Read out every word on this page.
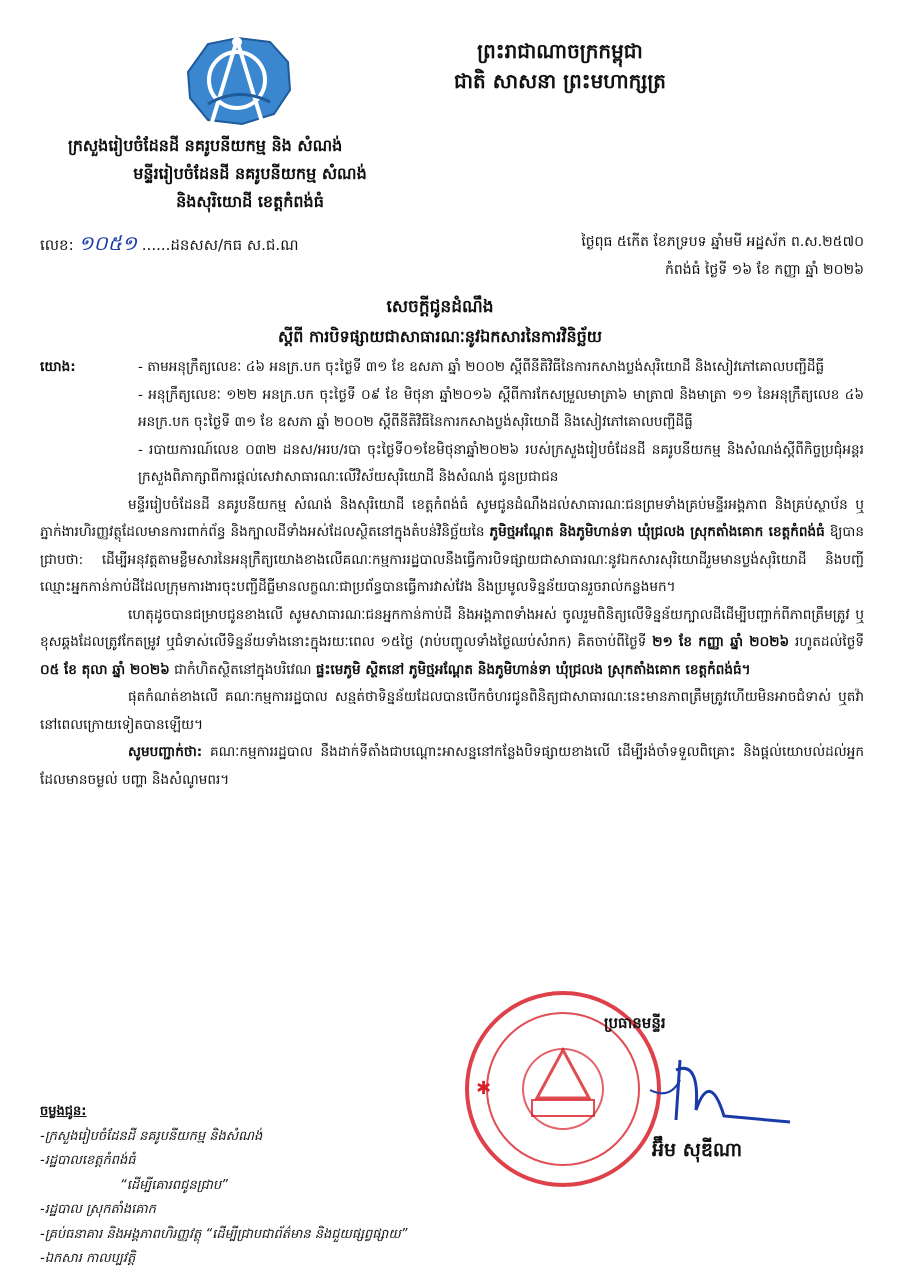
ព្រះរាជាណាចក្រកម្ពុជា
ជាតិ សាសនា ព្រះមហាក្សត្រ
ក្រសួងរៀបចំដែនដី នគរូបនីយកម្ម និង សំណង់
មន្ទីររៀបចំដែនដី នគរូបនីយកម្ម សំណង់
និងសុរិយោដី ខេត្តកំពង់ធំ
លេខ: ១០៥១ ......ដនសស/កធ ស.ជ.ណ	ថ្ងៃពុធ ៥កើត ខែភទ្របទ ឆ្នាំមមី អដ្ឋស័ក ព.ស.២៥៧០
កំពង់ធំ ថ្ងៃទី ១៦ ខែ កញ្ញា ឆ្នាំ ២០២៦
សេចក្តីជូនដំណឹង
ស្តីពី ការបិទផ្សាយជាសាធារណៈនូវឯកសារនៃការវិនិច្ឆ័យ
យោង:	- តាមអនុក្រឹត្យលេខៈ ៤៦ អនក្រ.បក ចុះថ្ងៃទី ៣១ ខែ ឧសភា ឆ្នាំ ២០០២ ស្តីពីនីតិវិធីនៃការកសាងប្លង់សុរិយោដី និងសៀវភៅគោលបញ្ជីដីធ្លី
- អនុក្រឹត្យលេខៈ ១២២ អនក្រ.បក ចុះថ្ងៃទី ០៩ ខែ មិថុនា ឆ្នាំ២០១៦ ស្តីពីការកែសម្រួលមាត្រា៦ មាត្រា៧ និងមាត្រា ១១ នៃអនុក្រឹត្យលេខ ៤៦ អនក្រ.បក ចុះថ្ងៃទី ៣១ ខែ ឧសភា ឆ្នាំ ២០០២ ស្តីពីនីតិវិធីនៃការកសាងប្លង់សុរិយោដី និងសៀវភៅគោលបញ្ជីដីធ្លី
- របាយការណ៍លេខ ០៣២ ដនស/អរប/របា ចុះថ្ងៃទី០១ខែមិថុនាឆ្នាំ២០២៦ របស់ក្រសួងរៀបចំដែនដី នគរូបនីយកម្ម និងសំណង់ស្តីពីកិច្ចប្រជុំអន្តរក្រសួងពិភាក្សាពីការផ្តល់សេវាសាធារណៈលើវិស័យសុរិយោដី និងសំណង់ ជូនប្រជាជន

មន្ទីររៀបចំដែនដី នគរូបនីយកម្ម សំណង់ និងសុរិយោដី ខេត្តកំពង់ធំ សូមជូនដំណឹងដល់សាធារណៈជនព្រមទាំងគ្រប់មន្ទីរអង្គភាព និងគ្រប់ស្ថាប័ន ឬភ្នាក់ងារហិរញ្ញវត្ថុដែលមានការពាក់ព័ន្ធ និងក្បាលដីទាំងអស់ដែលស្ថិតនៅក្នុងតំបន់វិនិច្ឆ័យនៃ ភូមិថ្មអណ្តែត និងភូមិហាន់ទា ឃុំជ្រលង ស្រុកតាំងគោក ខេត្តកំពង់ធំ ឱ្យបានជ្រាបថា: ដើម្បីអនុវត្តតាមខ្លឹមសារនៃអនុក្រឹត្យយោងខាងលើគណៈកម្មការរដ្ឋបាលនឹងធ្វើការបិទផ្សាយជាសាធារណៈនូវឯកសារសុរិយោដីរួមមានប្លង់សុរិយោដី និងបញ្ជីឈ្មោះអ្នកកាន់កាប់ដីដែលក្រុមការងារចុះបញ្ជីដីធ្លីមានលក្ខណៈជាប្រព័ន្ធបានធ្វើការវាស់វែង និងប្រមូលទិន្នន័យបានរួចរាល់កន្លងមក។

ហេតុដូចបានជម្រាបជូនខាងលើ សូមសាធារណៈជនអ្នកកាន់កាប់ដី និងអង្គភាពទាំងអស់ ចូលរួមពិនិត្យលើទិន្នន័យក្បាលដីដើម្បីបញ្ជាក់ពីភាពត្រឹមត្រូវ ឬខុសឆ្គងដែលត្រូវកែតម្រូវ ឬជំទាស់លើទិន្នន័យទាំងនោះក្នុងរយៈពេល ១៥ថ្ងៃ (រាប់បញ្ចូលទាំងថ្ងៃឈប់សំរាក) គិតចាប់ពីថ្ងៃទី ២១ ខែ កញ្ញា ឆ្នាំ ២០២៦ រហូតដល់ថ្ងៃទី ០៥ ខែ តុលា ឆ្នាំ ២០២៦ ជាកំហិតស្ថិតនៅក្នុងបរិវេណ ផ្ទះមេភូមិ ស្ថិតនៅ ភូមិថ្មអណ្តែត និងភូមិហាន់ទា ឃុំជ្រលង ស្រុកតាំងគោក ខេត្តកំពង់ធំ។

ផុតកំណត់ខាងលើ គណៈកម្មការរដ្ឋបាល សន្មត់ថាទិន្នន័យដែលបានបើកចំហរជូនពិនិត្យជាសាធារណៈនេះមានភាពត្រឹមត្រូវហើយមិនអាចជំទាស់ ឬតវ៉ានៅពេលក្រោយទៀតបានឡើយ។

សូមបញ្ជាក់ថា: គណៈកម្មការរដ្ឋបាល នឹងដាក់ទីតាំងជាបណ្តោះអាសន្ននៅកន្លែងបិទផ្សាយខាងលើ ដើម្បីរង់ចាំទទួលពិគ្រោះ និងផ្តល់យោបល់ដល់អ្នកដែលមានចម្ងល់ បញ្ហា និងសំណូមពរ។

✱
ប្រធានមន្ទីរ
អ៊ឹម សុឌីណា
ចម្លងជូន:
-ក្រសួងរៀបចំដែនដី នគរូបនីយកម្ម និងសំណង់
-រដ្ឋបាលខេត្តកំពង់ធំ
“ដើម្បីគោរពជូនជ្រាប”
-រដ្ឋបាល ស្រុកតាំងគោក
-គ្រប់ធនាគារ និងអង្គភាពហិរញ្ញវត្ថុ “ដើម្បីជ្រាបជាព័ត៌មាន និងជួយផ្សព្វផ្សាយ”
-ឯកសារ កាលប្បវត្តិ
